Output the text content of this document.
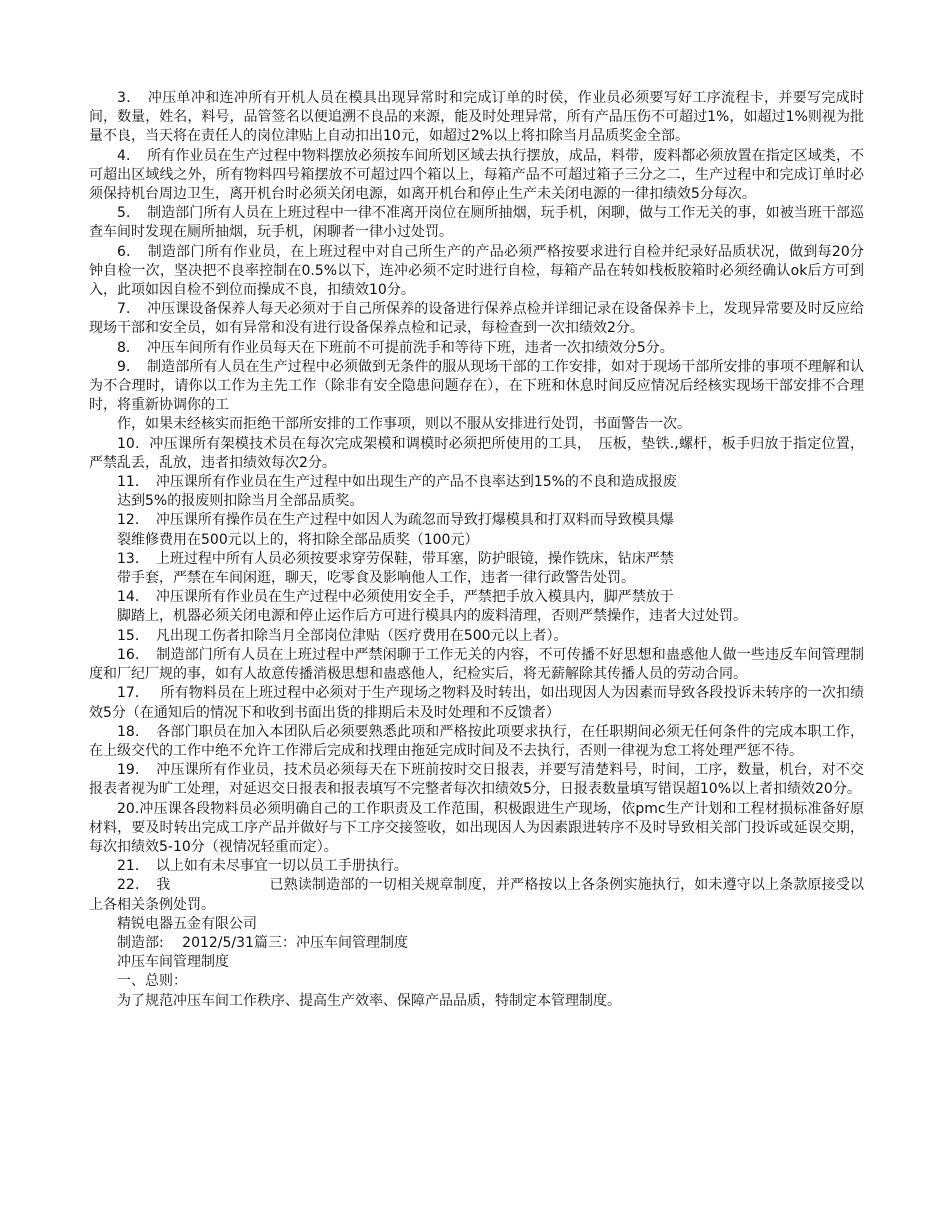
3．　冲压单冲和连冲所有开机人员在模具出现异常时和完成订单的时侯，作业员必须要写好工序流程卡，并要写完成时间，数量，姓名，料号，品管签名以便追溯不良品的来源，能及时处理异常，所有产品压伤不可超过1%，如超过1%则视为批量不良，当天将在责任人的岗位津贴上自动扣出10元，如超过2%以上将扣除当月品质奖金全部。

4．　所有作业员在生产过程中物料摆放必须按车间所划区域去执行摆放，成品，料带，废料都必须放置在指定区域类，不可超出区域线之外，所有物料四号箱摆放不可超过四个箱以上，每箱产品不可超过箱子三分之二，生产过程中和完成订单时必须保持机台周边卫生，离开机台时必须关闭电源，如离开机台和停止生产未关闭电源的一律扣绩效5分每次。

5．　制造部门所有人员在上班过程中一律不准离开岗位在厕所抽烟，玩手机，闲聊，做与工作无关的事，如被当班干部巡查车间时发现在厕所抽烟，玩手机，闲聊者一律小过处罚。

6．　制造部门所有作业员，在上班过程中对自己所生产的产品必须严格按要求进行自检并纪录好品质状况，做到每20分钟自检一次，坚决把不良率控制在0.5%以下，连冲必须不定时进行自检，每箱产品在转如栈板胶箱时必须经确认ok后方可到入，此项如因自检不到位而操成不良，扣绩效10分。

7．　冲压课设备保养人每天必须对于自己所保养的设备进行保养点检并详细记录在设备保养卡上，发现异常要及时反应给现场干部和安全员，如有异常和没有进行设备保养点检和记录，每检查到一次扣绩效2分。

8．　冲压车间所有作业员每天在下班前不可提前洗手和等待下班，违者一次扣绩效分5分。

9．　制造部所有人员在生产过程中必须做到无条件的服从现场干部的工作安排，如对于现场干部所安排的事项不理解和认为不合理时，请你以工作为主先工作（除非有安全隐患问题存在），在下班和休息时间反应情况后经核实现场干部安排不合理时，将重新协调你的工

作，如果未经核实而拒绝干部所安排的工作事项，则以不服从安排进行处罚，书面警告一次。

10．冲压课所有架模技术员在每次完成架模和调模时必须把所使用的工具，　压板，垫铁.,螺杆，板手归放于指定位置，严禁乱丢，乱放，违者扣绩效每次2分。

11．　冲压课所有作业员在生产过程中如出现生产的产品不良率达到15%的不良和造成报废

达到5%的报废则扣除当月全部品质奖。

12．　冲压课所有操作员在生产过程中如因人为疏忽而导致打爆模具和打双料而导致模具爆

裂维修费用在500元以上的，将扣除全部品质奖（100元）

13．　上班过程中所有人员必须按要求穿劳保鞋，带耳塞，防护眼镜，操作铣床，钻床严禁

带手套，严禁在车间闲逛，聊天，吃零食及影响他人工作，违者一律行政警告处罚。

14．　冲压课所有作业员在生产过程中必须使用安全手，严禁把手放入模具内，脚严禁放于

脚踏上，机器必须关闭电源和停止运作后方可进行模具内的废料清理，否则严禁操作，违者大过处罚。

15．　凡出现工伤者扣除当月全部岗位津贴（医疗费用在500元以上者）。

16．　制造部门所有人员在上班过程中严禁闲聊于工作无关的内容，不可传播不好思想和蛊惑他人做一些违反车间管理制度和厂纪厂规的事，如有人故意传播消极思想和蛊惑他人，纪检实后，将无薪解除其传播人员的劳动合同。

17．　 所有物料员在上班过程中必须对于生产现场之物料及时转出，如出现因人为因素而导致各段投诉未转序的一次扣绩效5分（在通知后的情况下和收到书面出货的排期后未及时处理和不反馈者）

18．　各部门职员在加入本团队后必须要熟悉此项和严格按此项要求执行，在任职期间必须无任何条件的完成本职工作，在上级交代的工作中绝不允许工作滞后完成和找理由拖延完成时间及不去执行，否则一律视为怠工将处理严惩不待。

19．　冲压课所有作业员，技术员必须每天在下班前按时交日报表，并要写清楚料号，时间，工序，数量，机台，对不交报表者视为旷工处理，对延迟交日报表和报表填写不完整者每次扣绩效5分，日报表数量填写错误超10%以上者扣绩效20分。

20.冲压课各段物料员必须明确自己的工作职责及工作范围，积极跟进生产现场，依pmc生产计划和工程材损标准备好原材料，要及时转出完成工序产品并做好与下工序交接签收，如出现因人为因素跟进转序不及时导致相关部门投诉或延误交期，每次扣绩效5-10分（视情况轻重而定）。

21．　以上如有未尽事宜一切以员工手册执行。

22．　我　　　　　　　已熟读制造部的一切相关规章制度，并严格按以上各条例实施执行，如未遵守以上条款原接受以上各相关条例处罚。

精锐电器五金有限公司

制造部:　 2012/5/31篇三：冲压车间管理制度

冲压车间管理制度

一、总则：

为了规范冲压车间工作秩序、提高生产效率、保障产品品质，特制定本管理制度。
